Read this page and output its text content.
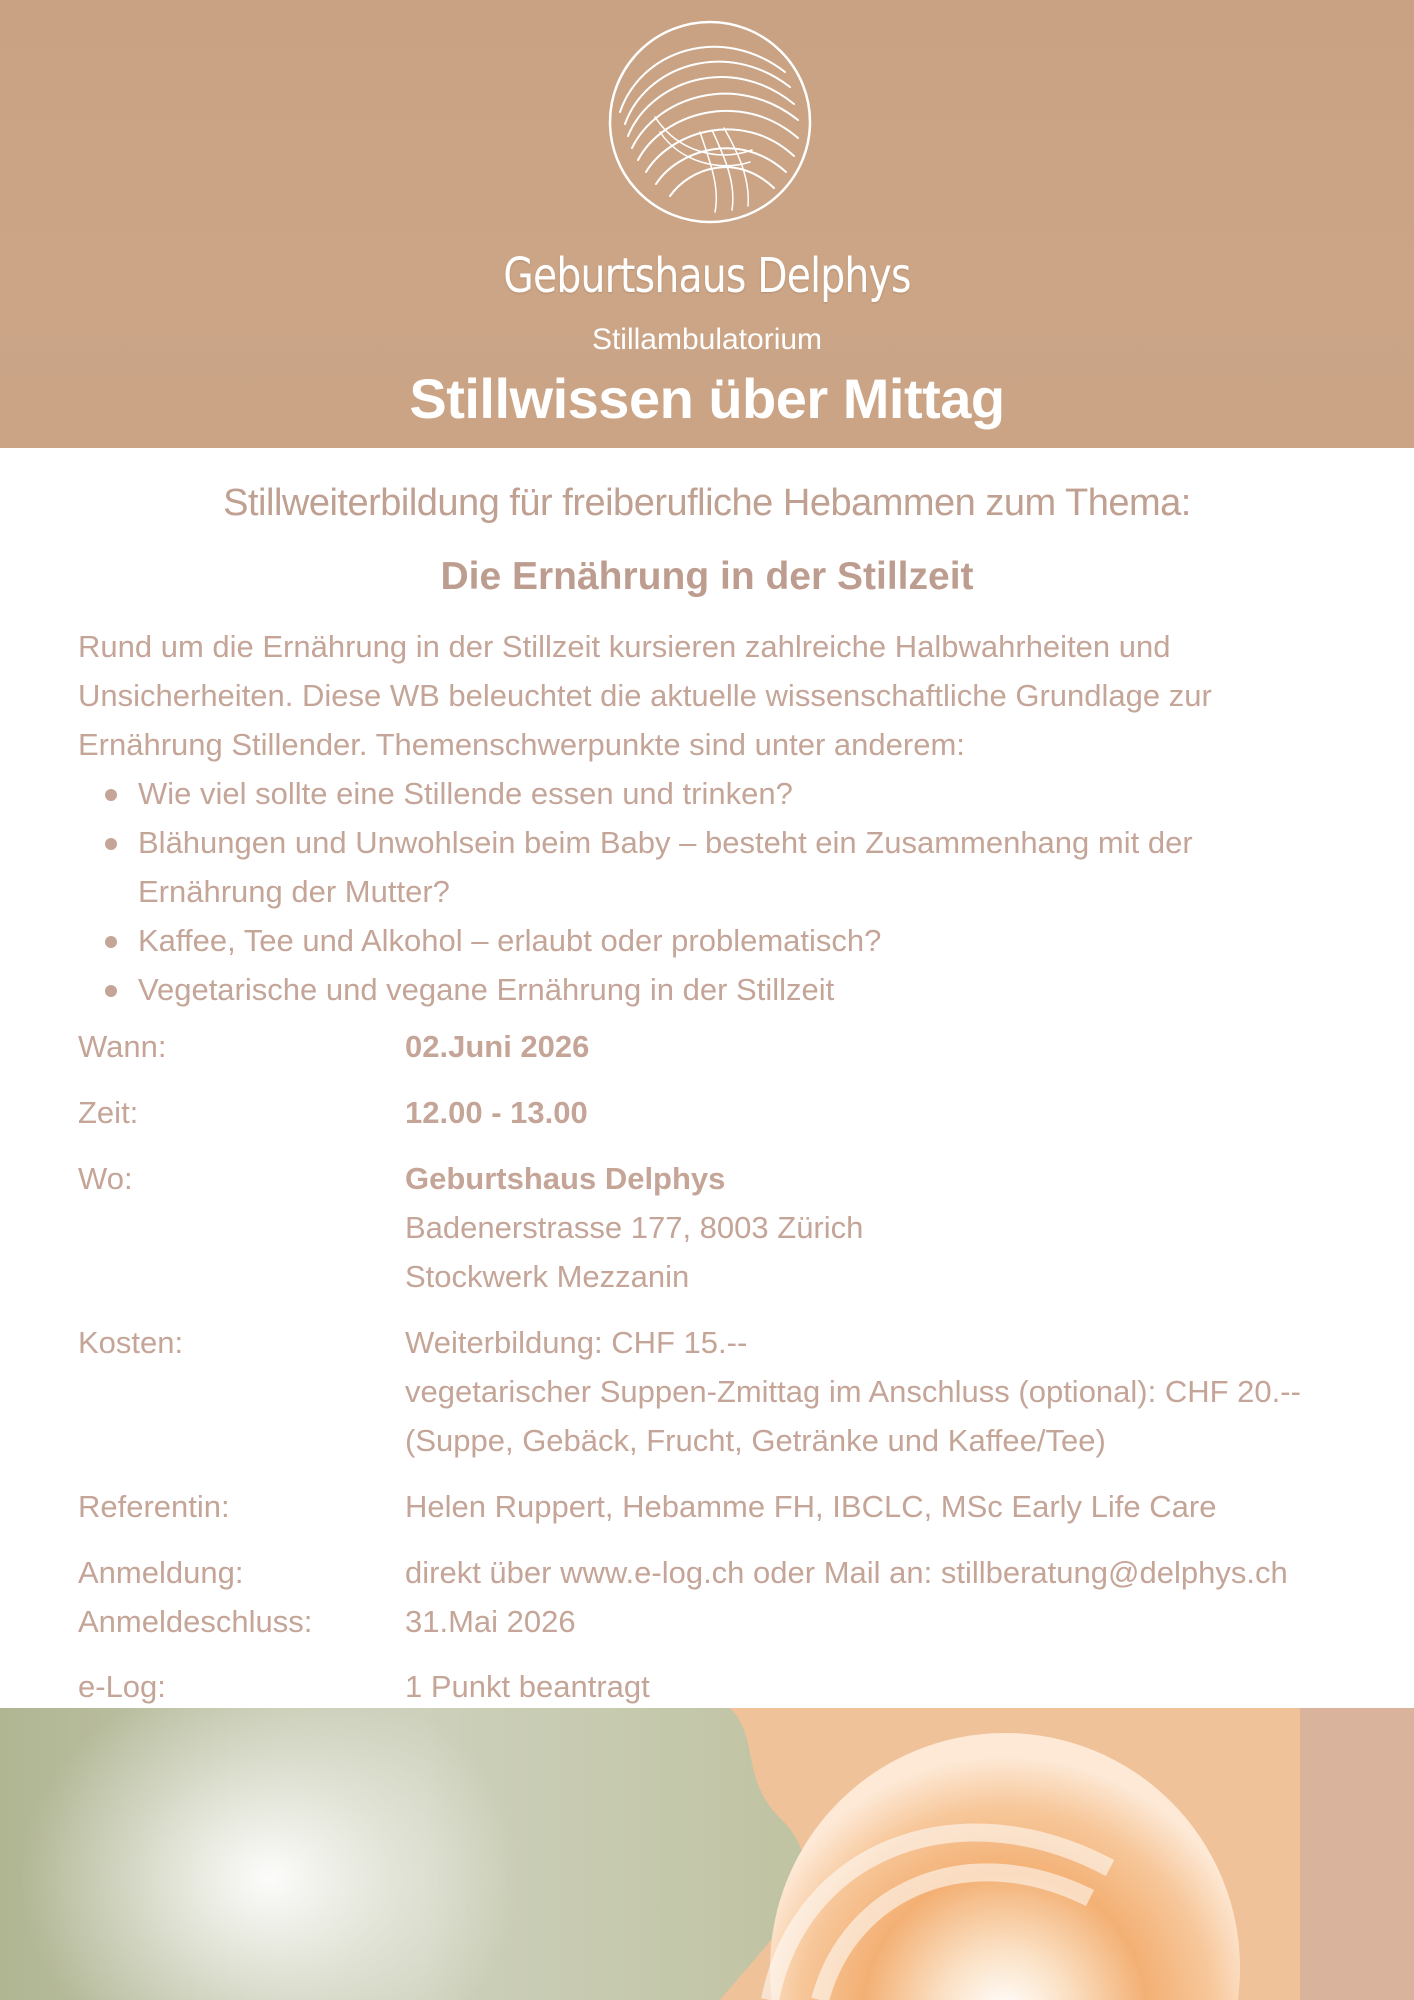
Geburtshaus Delphys
Stillambulatorium
Stillwissen über Mittag
Stillweiterbildung für freiberufliche Hebammen zum Thema:
Die Ernährung in der Stillzeit

Rund um die Ernährung in der Stillzeit kursieren zahlreiche Halbwahrheiten und

Unsicherheiten. Diese WB beleuchtet die aktuelle wissenschaftliche Grundlage zur

Ernährung Stillender. Themenschwerpunkte sind unter anderem:

Wie viel sollte eine Stillende essen und trinken?
Blähungen und Unwohlsein beim Baby – besteht ein Zusammenhang mit der
Ernährung der Mutter?
Kaffee, Tee und Alkohol – erlaubt oder problematisch?
Vegetarische und vegane Ernährung in der Stillzeit
Wann:	02.Juni 2026
Zeit:	12.00 - 13.00
Wo:	Geburtshaus Delphys
Badenerstrasse 177, 8003 Zürich
Stockwerk Mezzanin
Kosten:	Weiterbildung: CHF 15.--
vegetarischer Suppen-Zmittag im Anschluss (optional): CHF 20.--
(Suppe, Gebäck, Frucht, Getränke und Kaffee/Tee)
Referentin:	Helen Ruppert, Hebamme FH, IBCLC, MSc Early Life Care
Anmeldung:	direkt über www.e-log.ch oder Mail an: stillberatung@delphys.ch
Anmeldeschluss:	31.Mai 2026
e-Log:	1 Punkt beantragt
